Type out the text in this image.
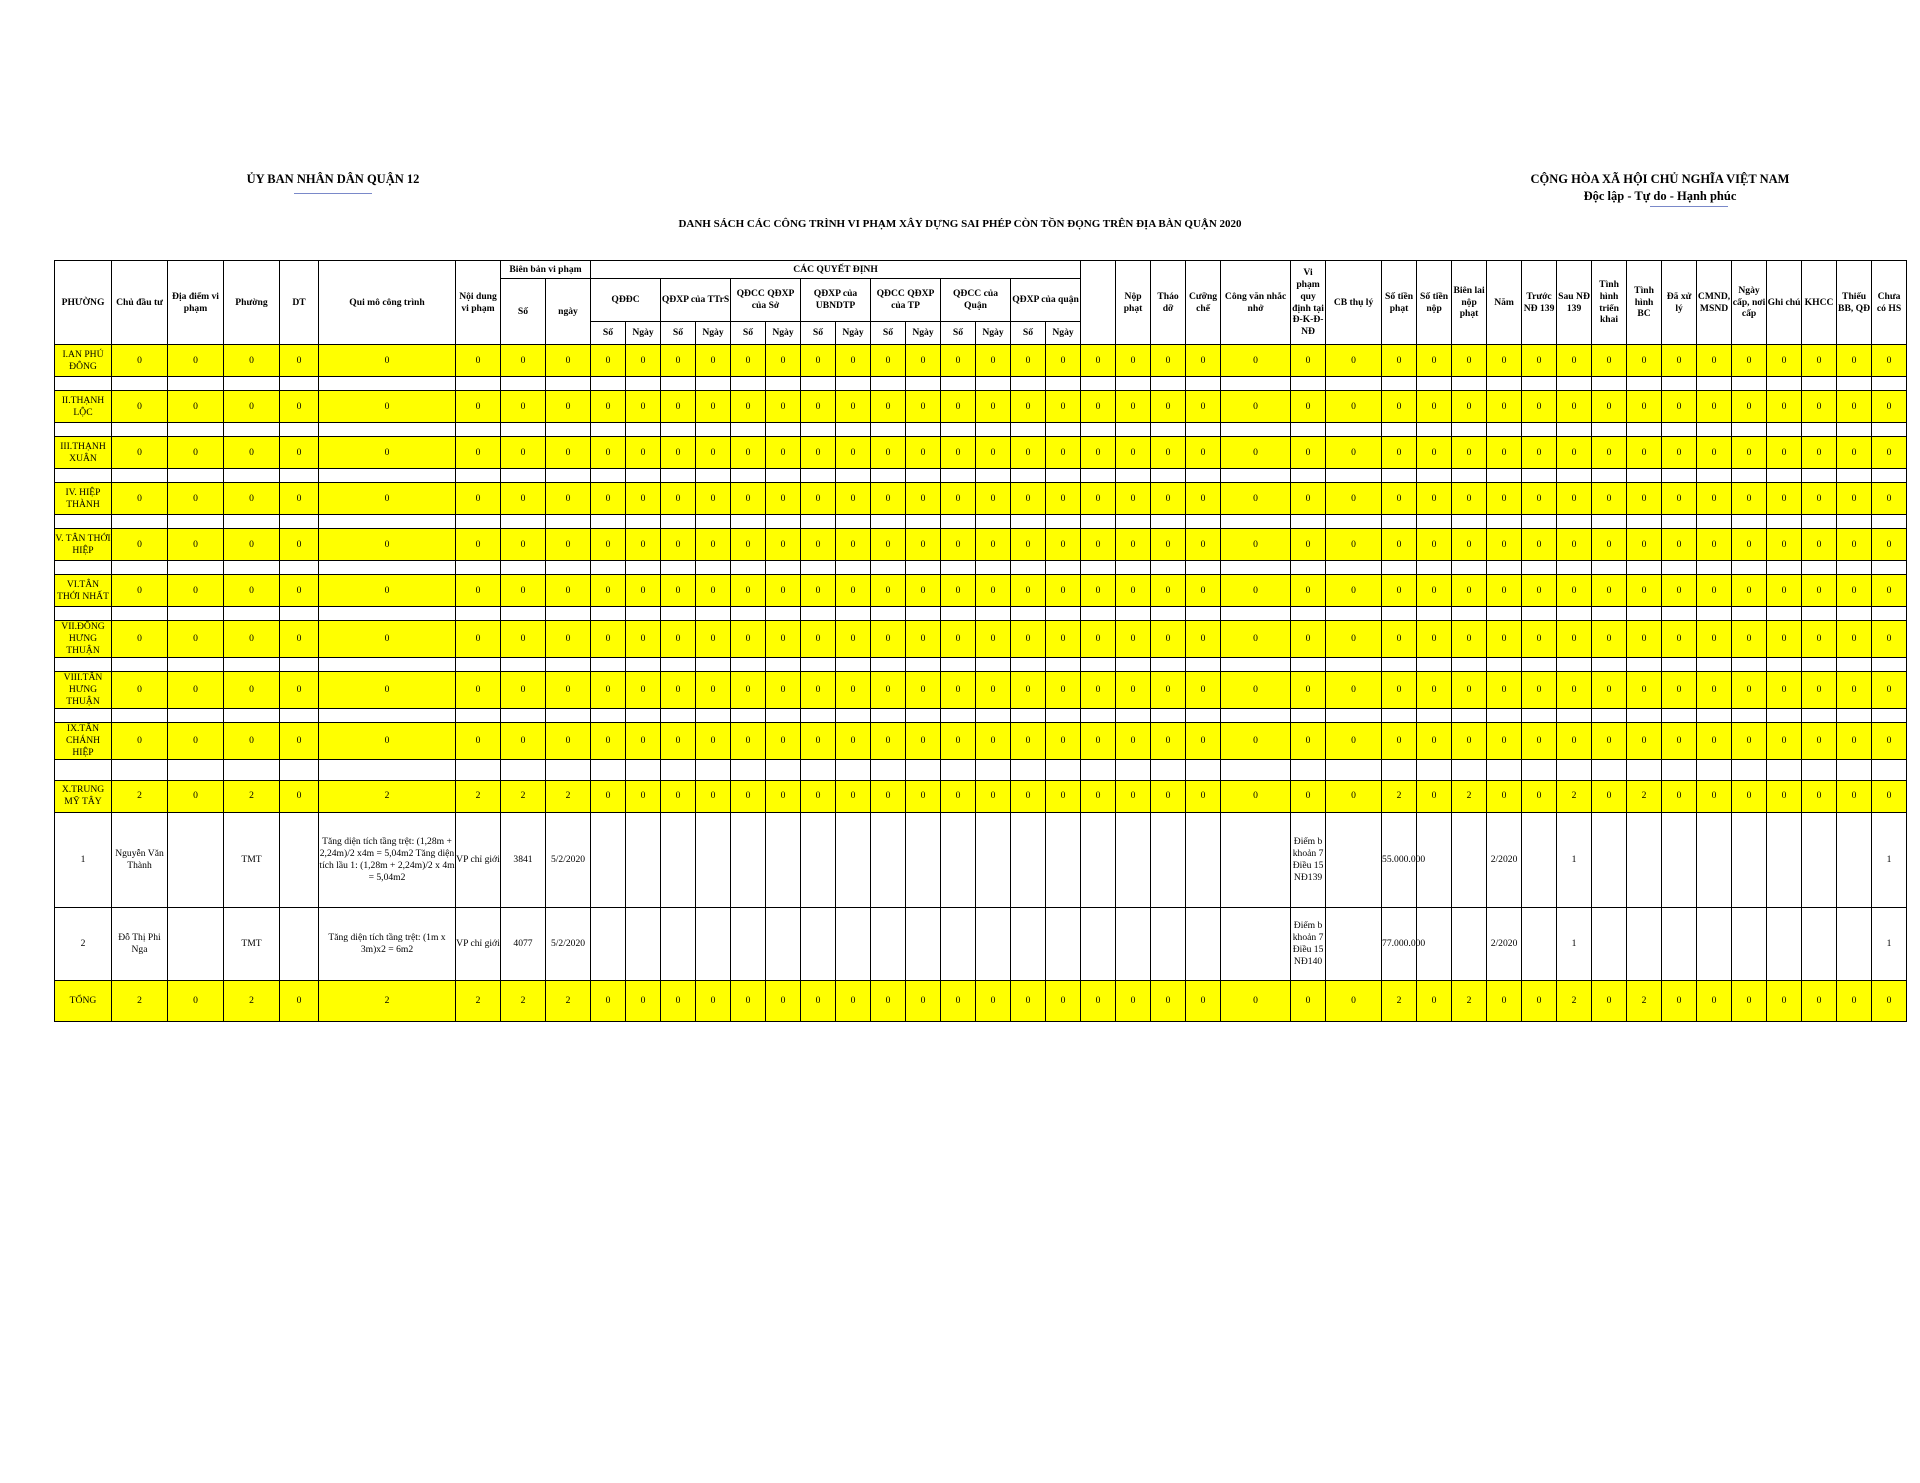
ỦY BAN NHÂN DÂN QUẬN 12	CỘNG HÒA XÃ HỘI CHỦ NGHĨA VIỆT NAM
Độc lập - Tự do - Hạnh phúc
DANH SÁCH CÁC CÔNG TRÌNH VI PHẠM XÂY DỰNG SAI PHÉP CÒN TỒN ĐỌNG TRÊN ĐỊA BÀN QUẬN 2020
PHƯỜNG	Chủ đầu tư	Địa điểm vi phạm	Phường	DT	Qui mô công trình	Nội dung vi phạm	Biên bản vi phạm		CÁC QUYẾT ĐỊNH															Nộp phạt	Tháo dỡ	Cưỡng chế	Công văn nhắc nhở	Vi phạm quy định tại Đ-K-Đ-NĐ	CB thụ lý	Số tiền phạt	Số tiền nộp	Biên lai nộp phạt	Năm	Trước NĐ 139	Sau NĐ 139	Tình hình triển khai	Tình hình BC	Đã xử lý	CMND, MSND	Ngày cấp, nơi cấp	Ghi chú	KHCC	Thiếu BB, QĐ	Chưa có HS
							Số	ngày	QĐĐC		QĐXP của TTrS		QĐCC QĐXP của Sở		QĐXP của UBNDTP		QĐCC QĐXP của TP		QĐCC của Quận		QĐXP của quận																							
									Số	Ngày	Số	Ngày	Số	Ngày	Số	Ngày	Số	Ngày	Số	Ngày	Số	Ngày																						
I.AN PHÚ ĐÔNG	0	0	0	0	0	0	0	0	0	0	0	0	0	0	0	0	0	0	0	0	0	0	0	0	0	0	0	0	0	0	0	0	0	0	0	0	0	0	0	0	0	0	0	0

II.THẠNH LỘC	0	0	0	0	0	0	0	0	0	0	0	0	0	0	0	0	0	0	0	0	0	0	0	0	0	0	0	0	0	0	0	0	0	0	0	0	0	0	0	0	0	0	0	0

III.THẠNH XUÂN	0	0	0	0	0	0	0	0	0	0	0	0	0	0	0	0	0	0	0	0	0	0	0	0	0	0	0	0	0	0	0	0	0	0	0	0	0	0	0	0	0	0	0	0

IV. HIỆP THÀNH	0	0	0	0	0	0	0	0	0	0	0	0	0	0	0	0	0	0	0	0	0	0	0	0	0	0	0	0	0	0	0	0	0	0	0	0	0	0	0	0	0	0	0	0

V. TÂN THỚI HIỆP	0	0	0	0	0	0	0	0	0	0	0	0	0	0	0	0	0	0	0	0	0	0	0	0	0	0	0	0	0	0	0	0	0	0	0	0	0	0	0	0	0	0	0	0

VI.TÂN THỚI NHẤT	0	0	0	0	0	0	0	0	0	0	0	0	0	0	0	0	0	0	0	0	0	0	0	0	0	0	0	0	0	0	0	0	0	0	0	0	0	0	0	0	0	0	0	0

VII.ĐÔNG HƯNG THUẬN	0	0	0	0	0	0	0	0	0	0	0	0	0	0	0	0	0	0	0	0	0	0	0	0	0	0	0	0	0	0	0	0	0	0	0	0	0	0	0	0	0	0	0	0

VIII.TÂN HƯNG THUẬN	0	0	0	0	0	0	0	0	0	0	0	0	0	0	0	0	0	0	0	0	0	0	0	0	0	0	0	0	0	0	0	0	0	0	0	0	0	0	0	0	0	0	0	0

IX.TÂN CHÁNH HIỆP	0	0	0	0	0	0	0	0	0	0	0	0	0	0	0	0	0	0	0	0	0	0	0	0	0	0	0	0	0	0	0	0	0	0	0	0	0	0	0	0	0	0	0	0

X.TRUNG MỸ TÂY	2	0	2	0	2	2	2	2	0	0	0	0	0	0	0	0	0	0	0	0	0	0	0	0	0	0	0	0	0	2	0	2	0	0	2	0	2	0	0	0	0	0	0	0
1	Nguyễn Văn Thành		TMT		Tăng diện tích tầng trệt: (1,28m + 2,24m)/2 x4m = 5,04m2 Tăng diện tích lầu 1: (1,28m + 2,24m)/2 x 4m = 5,04m2	VP chỉ giới	3841	5/2/2020																				Điểm b khoản 7 Điều 15 NĐ139		55.000.000			2/2020		1									1
2	Đỗ Thị Phi Nga		TMT		Tăng diện tích tầng trệt: (1m x 3m)x2 = 6m2	VP chỉ giới	4077	5/2/2020																				Điểm b khoản 7 Điều 15 NĐ140		77.000.000			2/2020		1									1
TỔNG	2	0	2	0	2	2	2	2	0	0	0	0	0	0	0	0	0	0	0	0	0	0	0	0	0	0	0	0	0	2	0	2	0	0	2	0	2	0	0	0	0	0	0	0
